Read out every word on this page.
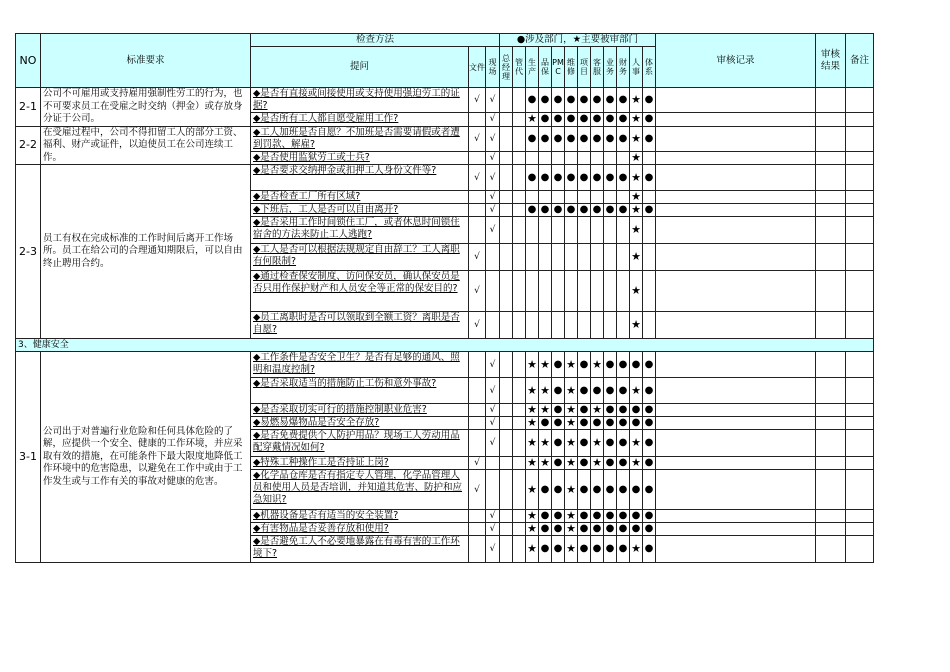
NO	标准要求	检查方法			●涉及部门，★主要被审部门												审核记录	审核结果	备注
		提问	文件	现场	总经理	管代	生产	品保	PMC	维修	项目	客服	业务	财务	人事	体系			
2-1	公司不可雇用或支持雇用强制性劳工的行为，也不可要求员工在受雇之时交纳（押金）或存放身分证于公司。	◆是否有直接或间接使用或支持使用强迫劳工的证据?	√	√			●	●	●	●	●	●	●	●	★	●			
		◆是否所有工人都自愿受雇用工作?		√			★	●	●	●	●	●	●	●	★	●			
2-2	在受雇过程中，公司不得扣留工人的部分工资、福利、财产或证件，以迫使员工在公司连续工作。	◆工人加班是否自愿？不加班是否需要请假或者遭到罚款、解雇?	√	√			●	●	●	●	●	●	●	●	★	●			
		◆是否使用监狱劳工或士兵?		√											★				
2-3	员工有权在完成标准的工作时间后离开工作场所。员工在给公司的合理通知期限后，可以自由终止聘用合约。	◆是否要求交纳押金或扣押工人身份文件等?	√	√			●	●	●	●	●	●	●	●	★	●			
		◆是否检查工厂所有区域?		√											★				
		◆下班后，工人是否可以自由离开?		√			●	●	●	●	●	●	●	●	★	●			
		◆是否采用工作时间锁住工厂，或者休息时间锁住宿舍的方法来防止工人逃跑?		√											★				
		◆工人是否可以根据法规规定自由辞工？工人离职有何限制?	√												★				
		◆通过检查保安制度、访问保安员，确认保安员是否只用作保护财产和人员安全等正常的保安目的?	√												★				
		◆员工离职时是否可以领取到全额工资？离职是否自愿?	√												★				
3、健康安全																			
3-1	公司出于对普遍行业危险和任何具体危险的了解，应提供一个安全、健康的工作环境，并应采取有效的措施，在可能条件下最大限度地降低工作环境中的危害隐患，以避免在工作中或由于工作发生或与工作有关的事故对健康的危害。	◆工作条件是否安全卫生？是否有足够的通风、照明和温度控制?		√			★	★	●	★	●	★	●	●	●	●			
		◆是否采取适当的措施防止工伤和意外事故?		√			★	★	●	★	●	●	●	●	★	●			
		◆是否采取切实可行的措施控制职业危害?		√			★	★	●	★	●	★	●	●	●	●			
		◆易燃易爆物品是否安全存放?		√			★	●	●	★	●	●	●	●	●	●			
		◆是否免费提供个人防护用品？现场工人劳动用品配穿戴情况如何?		√			★	★	●	★	●	★	●	●	★	●			
		◆特殊工种操作工是否持证上岗?	√				★	★	●	★	●	★	●	●	★	●			
		◆化学品仓库是否有指定专人管理，化学品管理人员和使用人员是否培训，并知道其危害、防护和应急知识?	√				★	●	●	★	●	●	●	●	●	●			
		◆机器设备是否有适当的安全装置?		√			★	●	●	★	●	●	●	●	●	●			
		◆有害物品是否妥善存放和使用?		√			★	●	●	★	●	●	●	●	●	●			
		◆是否避免工人不必要地暴露在有毒有害的工作环境下?		√			★	●	●	★	●	●	●	●	★	●			
